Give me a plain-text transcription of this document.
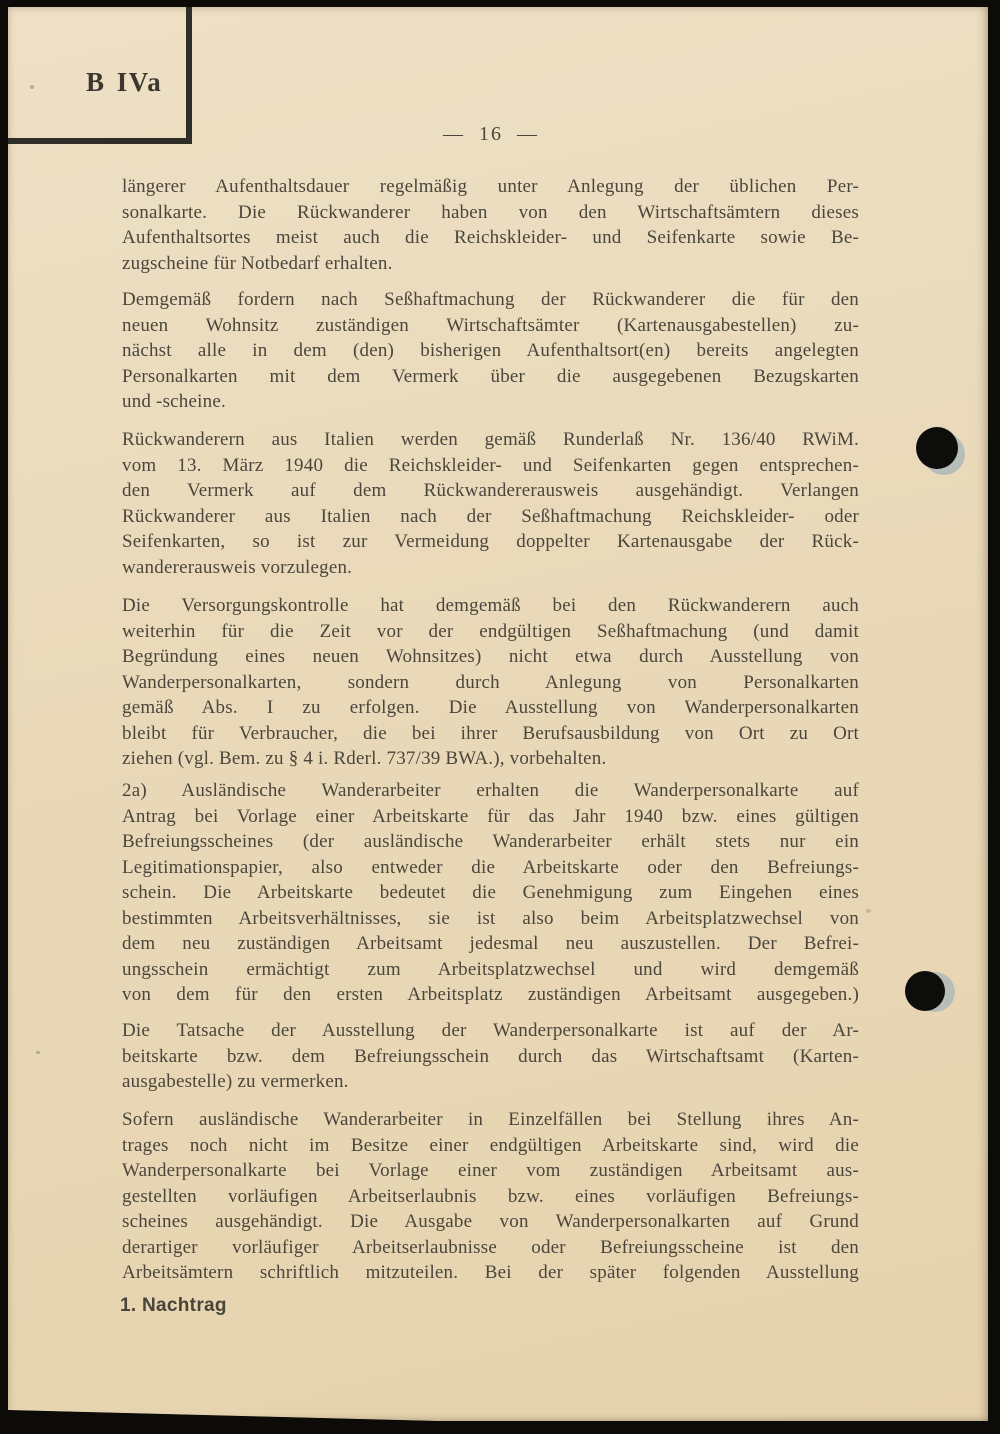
B IVa
— 16 —
längerer Aufenthaltsdauer regelmäßig unter Anlegung der üblichen Per-
sonalkarte. Die Rückwanderer haben von den Wirtschaftsämtern dieses
Aufenthaltsortes meist auch die Reichskleider- und Seifenkarte sowie Be-
zugscheine für Notbedarf erhalten.
Demgemäß fordern nach Seßhaftmachung der Rückwanderer die für den
neuen Wohnsitz zuständigen Wirtschaftsämter (Kartenausgabestellen) zu-
nächst alle in dem (den) bisherigen Aufenthaltsort(en) bereits angelegten
Personalkarten mit dem Vermerk über die ausgegebenen Bezugskarten
und -scheine.
Rückwanderern aus Italien werden gemäß Runderlaß Nr. 136/40 RWiM.
vom 13. März 1940 die Reichskleider- und Seifenkarten gegen entsprechen-
den Vermerk auf dem Rückwandererausweis ausgehändigt. Verlangen
Rückwanderer aus Italien nach der Seßhaftmachung Reichskleider- oder
Seifenkarten, so ist zur Vermeidung doppelter Kartenausgabe der Rück-
wandererausweis vorzulegen.
Die Versorgungskontrolle hat demgemäß bei den Rückwanderern auch
weiterhin für die Zeit vor der endgültigen Seßhaftmachung (und damit
Begründung eines neuen Wohnsitzes) nicht etwa durch Ausstellung von
Wanderpersonalkarten, sondern durch Anlegung von Personalkarten
gemäß Abs. I zu erfolgen. Die Ausstellung von Wanderpersonalkarten
bleibt für Verbraucher, die bei ihrer Berufsausbildung von Ort zu Ort
ziehen (vgl. Bem. zu § 4 i. Rderl. 737/39 BWA.), vorbehalten.
2a) Ausländische Wanderarbeiter erhalten die Wanderpersonalkarte auf
Antrag bei Vorlage einer Arbeitskarte für das Jahr 1940 bzw. eines gültigen
Befreiungsscheines (der ausländische Wanderarbeiter erhält stets nur ein
Legitimationspapier, also entweder die Arbeitskarte oder den Befreiungs-
schein. Die Arbeitskarte bedeutet die Genehmigung zum Eingehen eines
bestimmten Arbeitsverhältnisses, sie ist also beim Arbeitsplatzwechsel von
dem neu zuständigen Arbeitsamt jedesmal neu auszustellen. Der Befrei-
ungsschein ermächtigt zum Arbeitsplatzwechsel und wird demgemäß
von dem für den ersten Arbeitsplatz zuständigen Arbeitsamt ausgegeben.)
Die Tatsache der Ausstellung der Wanderpersonalkarte ist auf der Ar-
beitskarte bzw. dem Befreiungsschein durch das Wirtschaftsamt (Karten-
ausgabestelle) zu vermerken.
Sofern ausländische Wanderarbeiter in Einzelfällen bei Stellung ihres An-
trages noch nicht im Besitze einer endgültigen Arbeitskarte sind, wird die
Wanderpersonalkarte bei Vorlage einer vom zuständigen Arbeitsamt aus-
gestellten vorläufigen Arbeitserlaubnis bzw. eines vorläufigen Befreiungs-
scheines ausgehändigt. Die Ausgabe von Wanderpersonalkarten auf Grund
derartiger vorläufiger Arbeitserlaubnisse oder Befreiungsscheine ist den
Arbeitsämtern schriftlich mitzuteilen. Bei der später folgenden Ausstellung
1. Nachtrag
